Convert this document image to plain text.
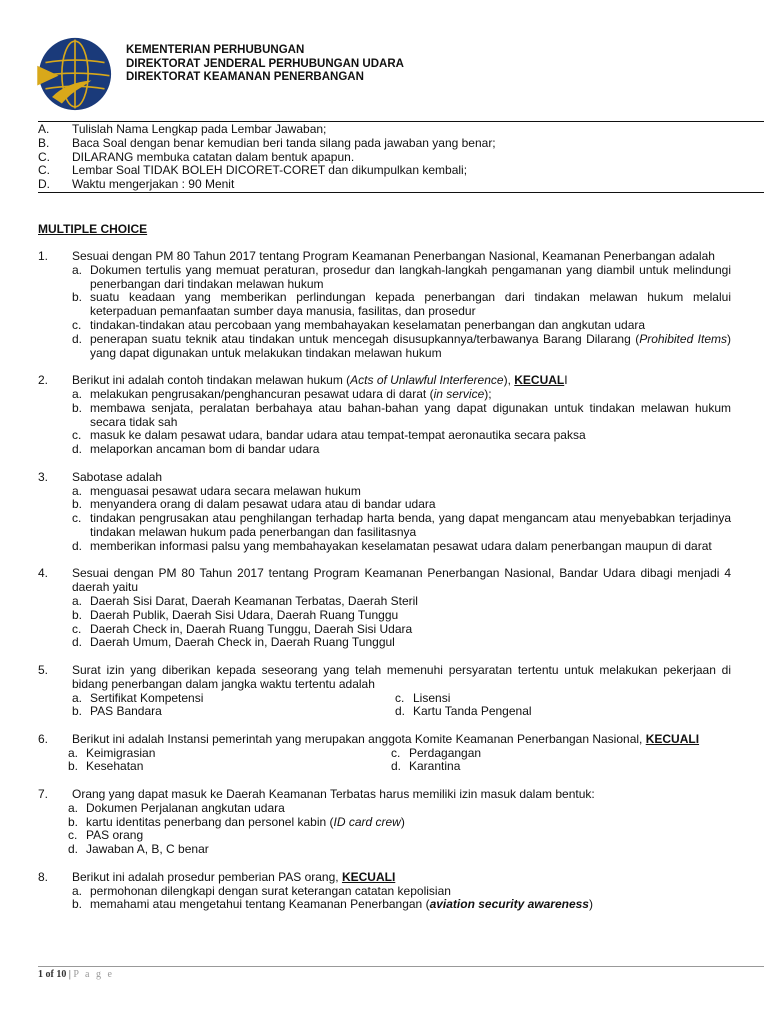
KEMENTERIAN PERHUBUNGAN
DIREKTORAT JENDERAL PERHUBUNGAN UDARA
DIREKTORAT KEAMANAN PENERBANGAN
A.	Tulislah Nama Lengkap pada Lembar Jawaban;
B.	Baca Soal dengan benar kemudian beri tanda silang pada jawaban yang benar;
C.	DILARANG membuka catatan dalam bentuk apapun.
C.	Lembar Soal TIDAK BOLEH DICORET-CORET dan dikumpulkan kembali;
D.	Waktu mengerjakan : 90 Menit
MULTIPLE CHOICE
1.	Sesuai dengan PM 80 Tahun 2017 tentang Program Keamanan Penerbangan Nasional, Keamanan Penerbangan adalah
a. Dokumen tertulis yang memuat peraturan, prosedur dan langkah-langkah pengamanan yang diambil untuk melindungi penerbangan dari tindakan melawan hukum
b. suatu keadaan yang memberikan perlindungan kepada penerbangan dari tindakan melawan hukum melalui keterpaduan pemanfaatan sumber daya manusia, fasilitas, dan prosedur
c. tindakan-tindakan atau percobaan yang membahayakan keselamatan penerbangan dan angkutan udara
d. penerapan suatu teknik atau tindakan untuk mencegah disusupkannya/terbawanya Barang Dilarang (Prohibited Items) yang dapat digunakan untuk melakukan tindakan melawan hukum
2.	Berikut ini adalah contoh tindakan melawan hukum (Acts of Unlawful Interference), KECUALI
a. melakukan pengrusakan/penghancuran pesawat udara di darat (in service);
b. membawa senjata, peralatan berbahaya atau bahan-bahan yang dapat digunakan untuk tindakan melawan hukum secara tidak sah
c. masuk ke dalam pesawat udara, bandar udara atau tempat-tempat aeronautika secara paksa
d. melaporkan ancaman bom di bandar udara
3.	Sabotase adalah
a. menguasai pesawat udara secara melawan hukum
b. menyandera orang di dalam pesawat udara atau di bandar udara
c. tindakan pengrusakan atau penghilangan terhadap harta benda, yang dapat mengancam atau menyebabkan terjadinya tindakan melawan hukum pada penerbangan dan fasilitasnya
d. memberikan informasi palsu yang membahayakan keselamatan pesawat udara dalam penerbangan maupun di darat
4.	Sesuai dengan PM 80 Tahun 2017 tentang Program Keamanan Penerbangan Nasional, Bandar Udara dibagi menjadi 4 daerah yaitu
a. Daerah Sisi Darat, Daerah Keamanan Terbatas, Daerah Steril
b. Daerah Publik, Daerah Sisi Udara, Daerah Ruang Tunggu
c. Daerah Check in, Daerah Ruang Tunggu, Daerah Sisi Udara
d. Daerah Umum, Daerah Check in, Daerah Ruang Tunggul
5.	Surat izin yang diberikan kepada seseorang yang telah memenuhi persyaratan tertentu untuk melakukan pekerjaan di bidang penerbangan dalam jangka waktu tertentu adalah
a. Sertifikat Kompetensi	c. Lisensi
b. PAS Bandara	d. Kartu Tanda Pengenal
6.	Berikut ini adalah Instansi pemerintah yang merupakan anggota Komite Keamanan Penerbangan Nasional, KECUALI
a. Keimigrasian	c. Perdagangan
b. Kesehatan	d. Karantina
7.	Orang yang dapat masuk ke Daerah Keamanan Terbatas harus memiliki izin masuk dalam bentuk:
a. Dokumen Perjalanan angkutan udara
b. kartu identitas penerbang dan personel kabin (ID card crew)
c. PAS orang
d. Jawaban A, B, C benar
8.	Berikut ini adalah prosedur pemberian PAS orang, KECUALI
a. permohonan dilengkapi dengan surat keterangan catatan kepolisian
b. memahami atau mengetahui tentang Keamanan Penerbangan (aviation security awareness)
1 of 10 | P a g e
